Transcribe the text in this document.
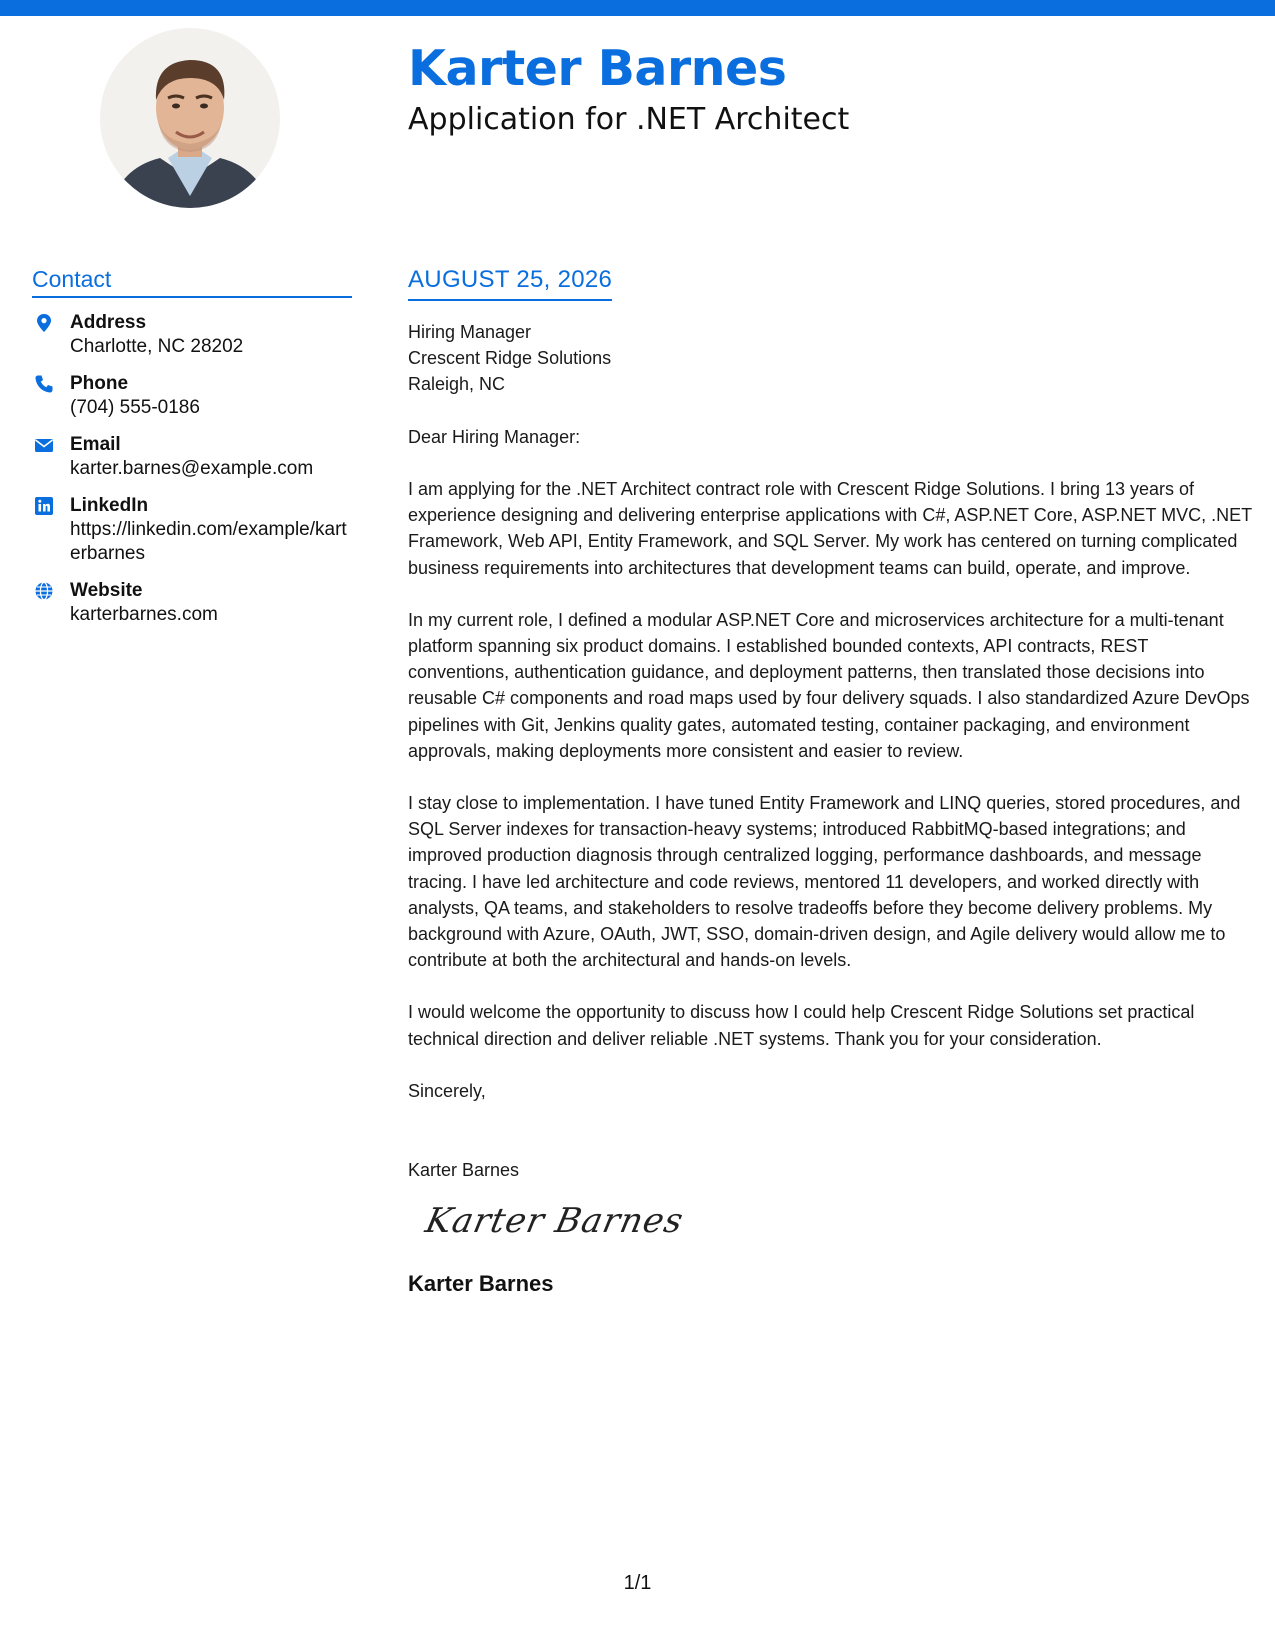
Karter Barnes
Application for .NET Architect
Contact
Address
Charlotte, NC 28202
Phone
(704) 555-0186
Email
karter.barnes@example.com
LinkedIn
https://linkedin.com/example/karterbarnes
Website
karterbarnes.com
AUGUST 25, 2026
Hiring Manager
Crescent Ridge Solutions
Raleigh, NC
Dear Hiring Manager:
I am applying for the .NET Architect contract role with Crescent Ridge Solutions. I bring 13 years of experience designing and delivering enterprise applications with C#, ASP.NET Core, ASP.NET MVC, .NET Framework, Web API, Entity Framework, and SQL Server. My work has centered on turning complicated business requirements into architectures that development teams can build, operate, and improve.
In my current role, I defined a modular ASP.NET Core and microservices architecture for a multi-tenant platform spanning six product domains. I established bounded contexts, API contracts, REST conventions, authentication guidance, and deployment patterns, then translated those decisions into reusable C# components and road maps used by four delivery squads. I also standardized Azure DevOps pipelines with Git, Jenkins quality gates, automated testing, container packaging, and environment approvals, making deployments more consistent and easier to review.
I stay close to implementation. I have tuned Entity Framework and LINQ queries, stored procedures, and SQL Server indexes for transaction-heavy systems; introduced RabbitMQ-based integrations; and improved production diagnosis through centralized logging, performance dashboards, and message tracing. I have led architecture and code reviews, mentored 11 developers, and worked directly with analysts, QA teams, and stakeholders to resolve tradeoffs before they become delivery problems. My background with Azure, OAuth, JWT, SSO, domain-driven design, and Agile delivery would allow me to contribute at both the architectural and hands-on levels.
I would welcome the opportunity to discuss how I could help Crescent Ridge Solutions set practical technical direction and deliver reliable .NET systems. Thank you for your consideration.
Sincerely,
Karter Barnes
Karter Barnes
Karter Barnes
1/1
